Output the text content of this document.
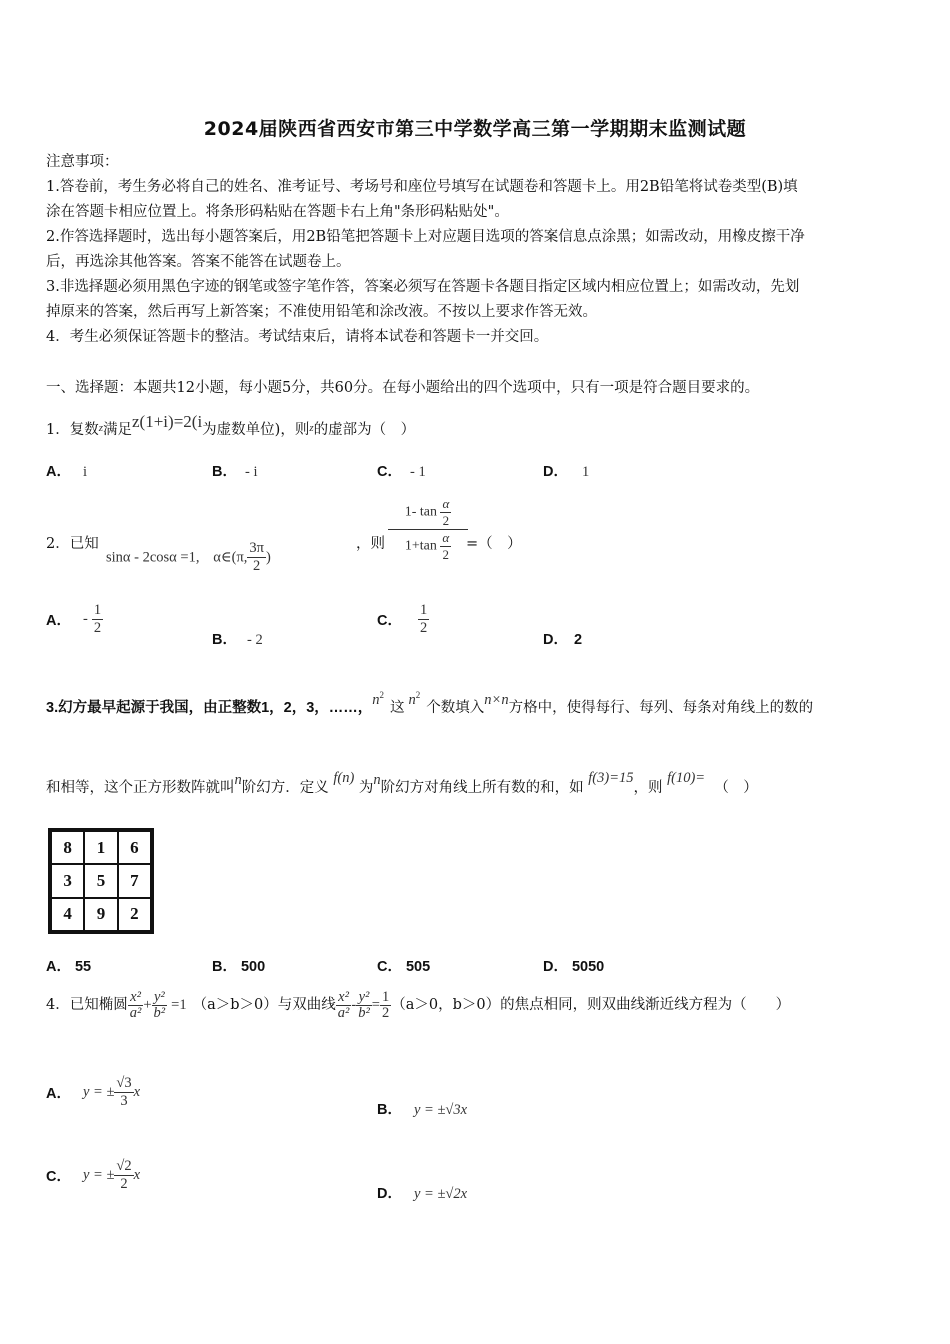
2024届陕西省西安市第三中学数学高三第一学期期末监测试题
注意事项：
1.答卷前，考生务必将自己的姓名、准考证号、考场号和座位号填写在试题卷和答题卡上。用2B铅笔将试卷类型(B)填
涂在答题卡相应位置上。将条形码粘贴在答题卡右上角"条形码粘贴处"。
2.作答选择题时，选出每小题答案后，用2B铅笔把答题卡上对应题目选项的答案信息点涂黑；如需改动，用橡皮擦干净
后，再选涂其他答案。答案不能答在试题卷上。
3.非选择题必须用黑色字迹的钢笔或签字笔作答，答案必须写在答题卡各题目指定区域内相应位置上；如需改动，先划
掉原来的答案，然后再写上新答案；不准使用铅笔和涂改液。不按以上要求作答无效。
4．考生必须保证答题卡的整洁。考试结束后，请将本试卷和答题卡一并交回。
一、选择题：本题共12小题，每小题5分，共60分。在每小题给出的四个选项中，只有一项是符合题目要求的。
1．复数$^z$满足z(1+i)=2(i为虚数单位)，则$^z$的虚部为（　）
A． i	B． - i	C． - 1	D． 1
2．已知
sinα - 2cosα =1, α∈(π, $\frac{3\pi}{2}$ )
，则 $\frac{1- \tan \frac{\alpha}{2}}{1+\tan \frac{\alpha}{2}}$
=（　）
A． - $\frac{1}{2}$
B． - 2
C． $\frac{1}{2}$
D． 2
3.幻方最早起源于我国，由正整数1，2，3，……，$n^2$这 $n^2$个数填入n×n方格中，使得每行、每列、每条对角线上的数的
和相等，这个正方形数阵就叫n阶幻方．定义 f(n) 为n阶幻方对角线上所有数的和，如 f(3)=15，则 f(10)=  （　）
8	1	6
3	5	7
4	9	2
A． 55	B． 500	C． 505	D． 5050
4．已知椭圆 $\frac{\text{x²}}{\text{a²}} + \frac{\text{y²}}{\text{b²}} =1$ （a＞b＞0）与双曲线 $\frac{\text{x²}}{\text{a²}} - \frac{\text{y²}}{\text{b²}} = \frac{1}{2} (a>0$，b＞0）的焦点相同，则双曲线渐近线方程为（　　）
A． y = ± $\frac{√3}{3}$ x
B． y = ±√3x
C． y = ± $\frac{√2}{2}$ x
D． y = ±√2x
